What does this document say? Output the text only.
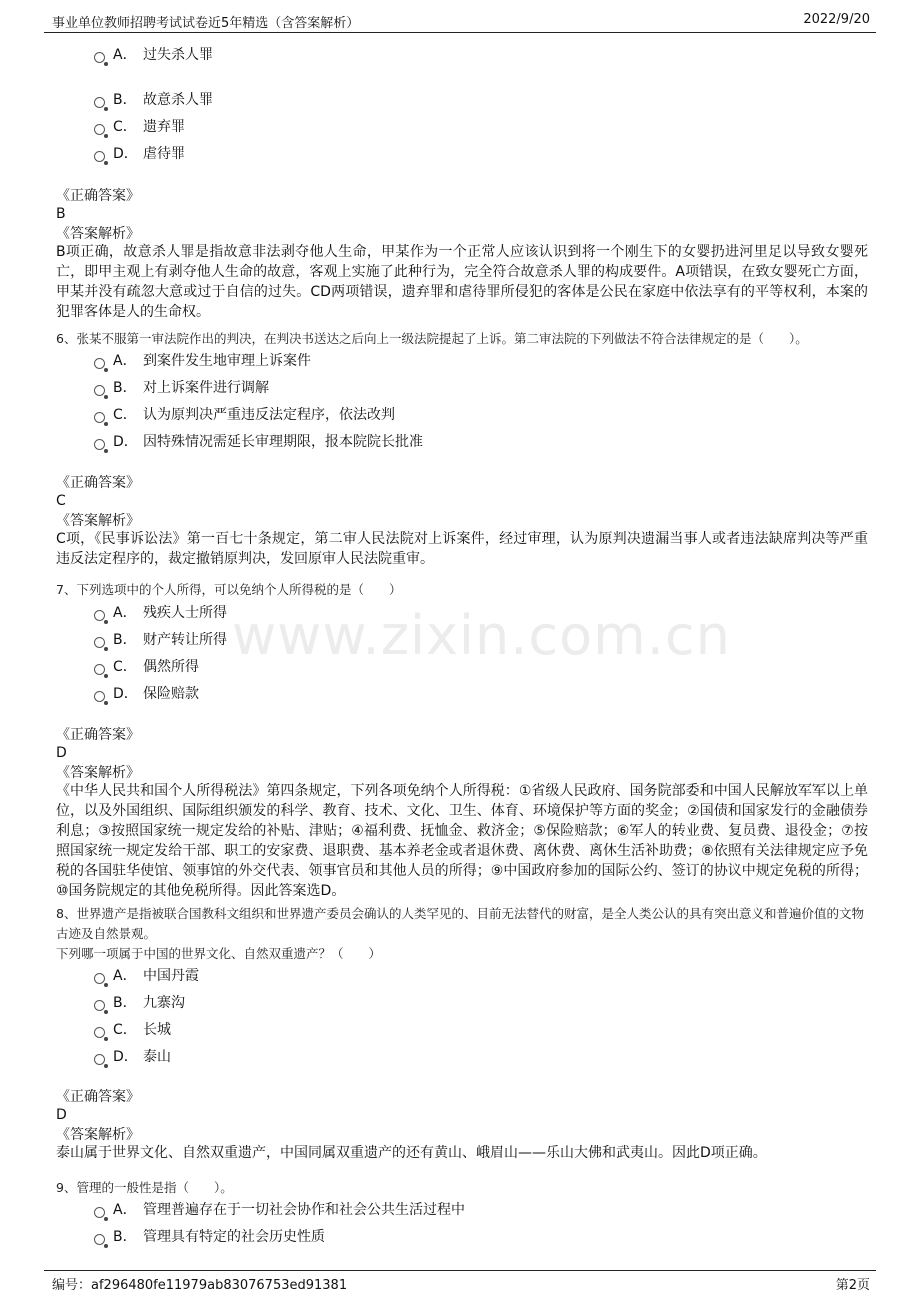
事业单位教师招聘考试试卷近5年精选（含答案解析）	2022/9/20
www.zixin.com.cn
A． 过失杀人罪
B． 故意杀人罪
C． 遗弃罪
D． 虐待罪
《正确答案》
B
《答案解析》
B项正确，故意杀人罪是指故意非法剥夺他人生命，甲某作为一个正常人应该认识到将一个刚生下的女婴扔进河里足以导致女婴死亡，即甲主观上有剥夺他人生命的故意，客观上实施了此种行为，完全符合故意杀人罪的构成要件。A项错误，在致女婴死亡方面，甲某并没有疏忽大意或过于自信的过失。CD两项错误，遗弃罪和虐待罪所侵犯的客体是公民在家庭中依法享有的平等权利，本案的犯罪客体是人的生命权。
6、张某不服第一审法院作出的判决，在判决书送达之后向上一级法院提起了上诉。第二审法院的下列做法不符合法律规定的是（　　）。
A． 到案件发生地审理上诉案件
B． 对上诉案件进行调解
C． 认为原判决严重违反法定程序，依法改判
D． 因特殊情况需延长审理期限，报本院院长批准
《正确答案》
C
《答案解析》
C项，《民事诉讼法》第一百七十条规定，第二审人民法院对上诉案件，经过审理，认为原判决遗漏当事人或者违法缺席判决等严重违反法定程序的，裁定撤销原判决，发回原审人民法院重审。
7、下列选项中的个人所得，可以免纳个人所得税的是（　　）
A． 残疾人士所得
B． 财产转让所得
C． 偶然所得
D． 保险赔款
《正确答案》
D
《答案解析》
《中华人民共和国个人所得税法》第四条规定，下列各项免纳个人所得税：①省级人民政府、国务院部委和中国人民解放军军以上单位，以及外国组织、国际组织颁发的科学、教育、技术、文化、卫生、体育、环境保护等方面的奖金；②国债和国家发行的金融债券利息；③按照国家统一规定发给的补贴、津贴；④福利费、抚恤金、救济金；⑤保险赔款；⑥军人的转业费、复员费、退役金；⑦按照国家统一规定发给干部、职工的安家费、退职费、基本养老金或者退休费、离休费、离休生活补助费；⑧依照有关法律规定应予免税的各国驻华使馆、领事馆的外交代表、领事官员和其他人员的所得；⑨中国政府参加的国际公约、签订的协议中规定免税的所得；⑩国务院规定的其他免税所得。因此答案选D。
8、世界遗产是指被联合国教科文组织和世界遗产委员会确认的人类罕见的、目前无法替代的财富，是全人类公认的具有突出意义和普遍价值的文物古迹及自然景观。
下列哪一项属于中国的世界文化、自然双重遗产？（　　）
A． 中国丹霞
B． 九寨沟
C． 长城
D． 泰山
《正确答案》
D
《答案解析》
泰山属于世界文化、自然双重遗产，中国同属双重遗产的还有黄山、峨眉山——乐山大佛和武夷山。因此D项正确。
9、管理的一般性是指（　　）。
A． 管理普遍存在于一切社会协作和社会公共生活过程中
B． 管理具有特定的社会历史性质
编号：af296480fe11979ab83076753ed91381	第2页
